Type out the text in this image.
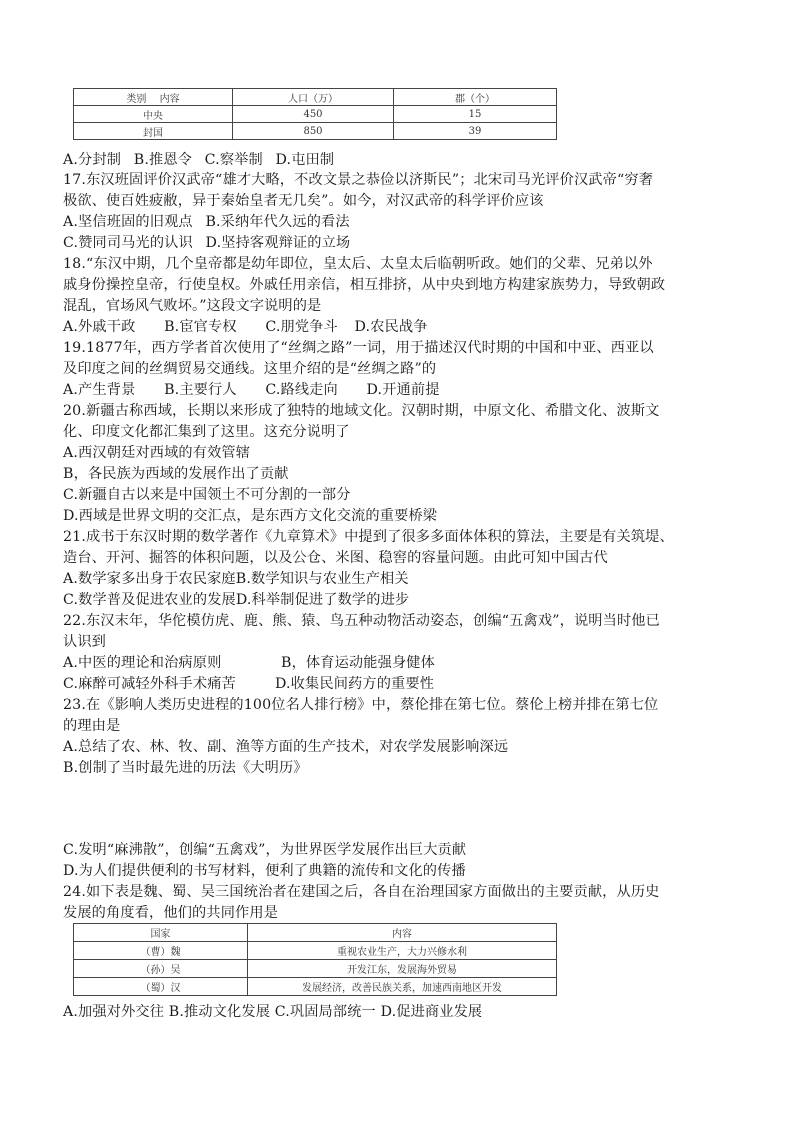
类别　 内容	人口（万）	郡（个）
中央	450	15
封国	850	39
A.分封制 B.推恩令 C.察举制 D.屯田制
17.东汉班固评价汉武帝“雄才大略，不改文景之恭俭以济斯民”；北宋司马光评价汉武帝“穷奢
极欲、使百姓疲敝，异于秦始皇者无几矣”。如今，对汉武帝的科学评价应该
A.坚信班固的旧观点 B.采纳年代久远的看法
C.赞同司马光的认识 D.坚持客观辩证的立场
18.“东汉中期，几个皇帝都是幼年即位，皇太后、太皇太后临朝听政。她们的父辈、兄弟以外
戚身份操控皇帝，行使皇权。外戚任用亲信，相互排挤，从中央到地方构建家族势力，导致朝政
混乱，官场风气败坏。”这段文字说明的是
A.外戚干政 B.宦官专权 C.朋党争斗 D.农民战争
19.1877年，西方学者首次使用了“丝绸之路”一词，用于描述汉代时期的中国和中亚、西亚以
及印度之间的丝绸贸易交通线。这里介绍的是“丝绸之路”的
A.产生背景 B.主要行人 C.路线走向 D.开通前提
20.新疆古称西域，长期以来形成了独特的地域文化。汉朝时期，中原文化、希腊文化、波斯文
化、印度文化都汇集到了这里。这充分说明了
A.西汉朝廷对西域的有效管辖
B，各民族为西域的发展作出了贡献
C.新疆自古以来是中国领土不可分割的一部分
D.西域是世界文明的交汇点，是东西方文化交流的重要桥梁
21.成书于东汉时期的数学著作《九章算术》中提到了很多多面体体积的算法，主要是有关筑堤、
造台、开河、掘答的体积问题，以及公仓、米图、稳窖的容量问题。由此可知中国古代
A.数学家多出身于农民家庭B.数学知识与农业生产相关
C.数学普及促进农业的发展D.科举制促进了数学的进步
22.东汉末年，华佗模仿虎、鹿、熊、猿、鸟五种动物活动姿态，创编“五禽戏”，说明当时他已
认识到
A.中医的理论和治病原则	B，体育运动能强身健体
C.麻醉可减轻外科手术痛苦	D.收集民间药方的重要性
23.在《影响人类历史进程的100位名人排行榜》中，蔡伦排在第七位。蔡伦上榜并排在第七位
的理由是
A.总结了农、林、牧、副、渔等方面的生产技术，对农学发展影响深远
B.创制了当时最先进的历法《大明历》
C.发明“麻沸散”，创编“五禽戏”，为世界医学发展作出巨大贡献
D.为人们提供便利的书写材料，便利了典籍的流传和文化的传播
24.如下表是魏、蜀、吴三国统治者在建国之后，各自在治理国家方面做出的主要贡献，从历史
发展的角度看，他们的共同作用是
国家	内容
（曹）魏	重视农业生产，大力兴修水利
（孙）吴	开发江东，发展海外贸易
（蜀）汉	发展经济，改善民族关系，加速西南地区开发
A.加强对外交往 B.推动文化发展 C.巩固局部统一 D.促进商业发展
